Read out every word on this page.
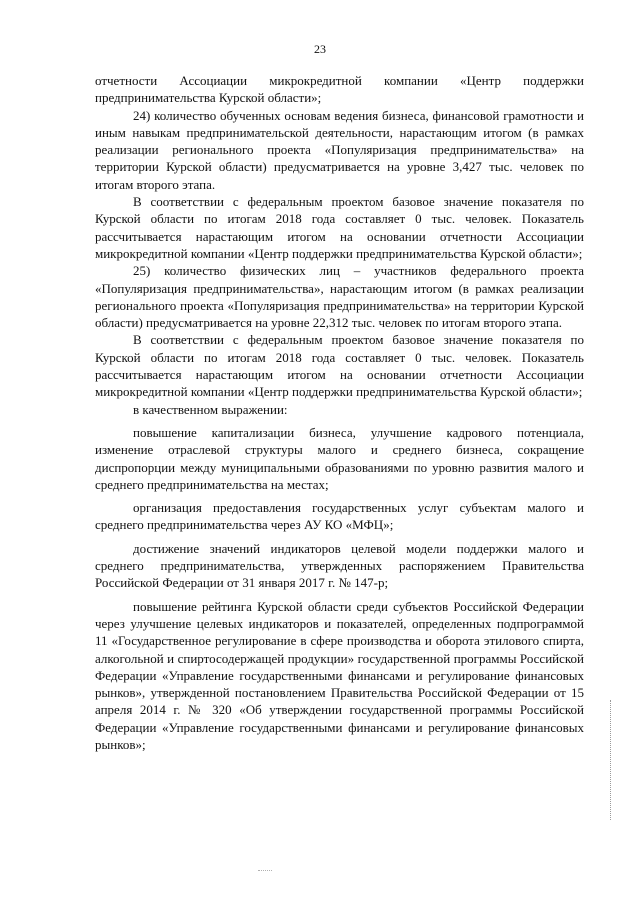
23

отчетности Ассоциации микрокредитной компании «Центр поддержки предпринимательства Курской области»;

24) количество обученных основам ведения бизнеса, финансовой грамотности и иным навыкам предпринимательской деятельности, нарастающим итогом (в рамках реализации регионального проекта «Популяризация предпринимательства» на территории Курской области) предусматривается на уровне 3,427 тыс. человек по итогам второго этапа.

В соответствии с федеральным проектом базовое значение показателя по Курской области по итогам 2018 года составляет 0 тыс. человек. Показатель рассчитывается нарастающим итогом на основании отчетности Ассоциации микрокредитной компании «Центр поддержки предпринимательства Курской области»;

25) количество физических лиц – участников федерального проекта «Популяризация предпринимательства», нарастающим итогом (в рамках реализации регионального проекта «Популяризация предпринимательства» на территории Курской области) предусматривается на уровне 22,312 тыс. человек по итогам второго этапа.

В соответствии с федеральным проектом базовое значение показателя по Курской области по итогам 2018 года составляет 0 тыс. человек. Показатель рассчитывается нарастающим итогом на основании отчетности Ассоциации микрокредитной компании «Центр поддержки предпринимательства Курской области»;

в качественном выражении:

повышение капитализации бизнеса, улучшение кадрового потенциала, изменение отраслевой структуры малого и среднего бизнеса, сокращение диспропорции между муниципальными образованиями по уровню развития малого и среднего предпринимательства на местах;

организация предоставления государственных услуг субъектам малого и среднего предпринимательства через АУ КО «МФЦ»;

достижение значений индикаторов целевой модели поддержки малого и среднего предпринимательства, утвержденных распоряжением Правительства Российской Федерации от 31 января 2017 г. № 147-р;

повышение рейтинга Курской области среди субъектов Российской Федерации через улучшение целевых индикаторов и показателей, определенных подпрограммой 11 «Государственное регулирование в сфере производства и оборота этилового спирта, алкогольной и спиртосодержащей продукции» государственной программы Российской Федерации «Управление государственными финансами и регулирование финансовых рынков», утвержденной постановлением Правительства Российской Федерации от 15 апреля 2014 г. № 320 «Об утверждении государственной программы Российской Федерации «Управление государственными финансами и регулирование финансовых рынков»;
